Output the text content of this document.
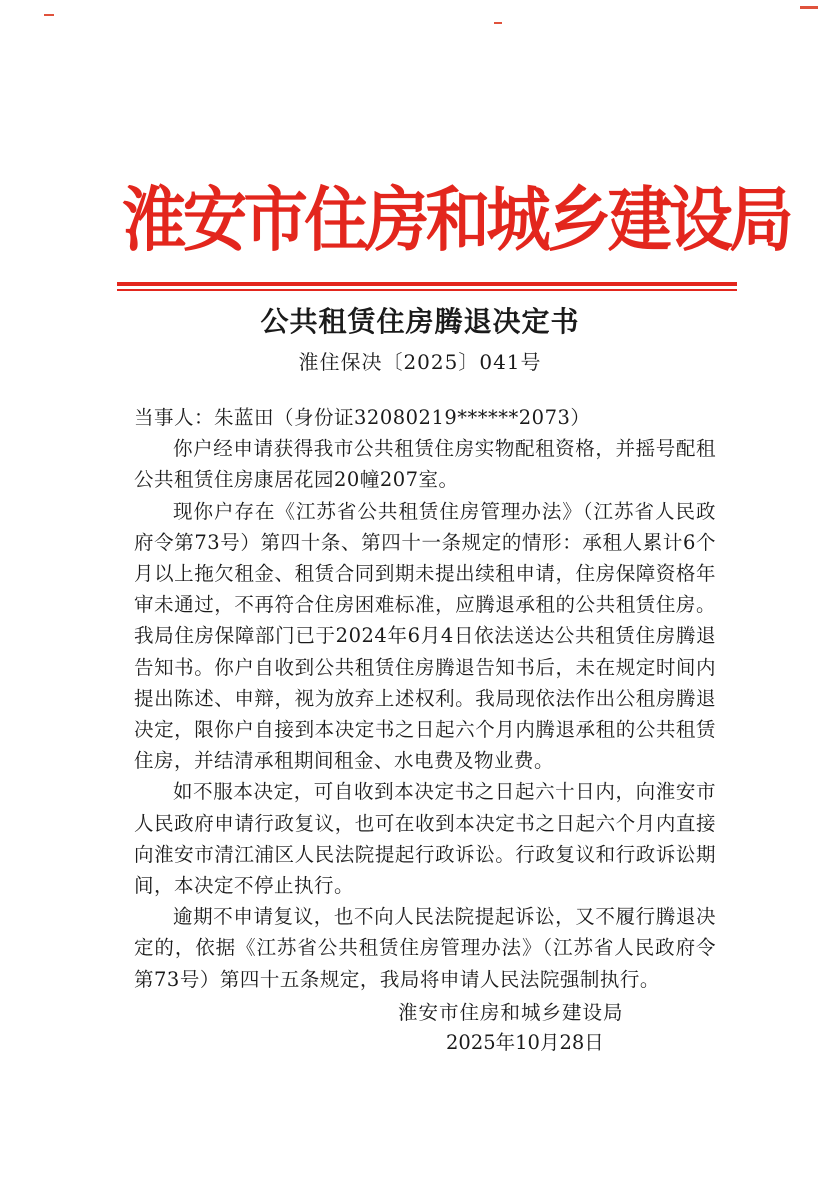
淮安市住房和城乡建设局
公共租赁住房腾退决定书
淮住保决〔2025〕041号

当事人：朱蓝田（身份证32080219******2073）

你户经申请获得我市公共租赁住房实物配租资格，并摇号配租公共租赁住房康居花园20幢207室。

现你户存在《江苏省公共租赁住房管理办法》（江苏省人民政府令第73号）第四十条、第四十一条规定的情形：承租人累计6个月以上拖欠租金、租赁合同到期未提出续租申请，住房保障资格年审未通过，不再符合住房困难标准，应腾退承租的公共租赁住房。我局住房保障部门已于2024年6月4日依法送达公共租赁住房腾退告知书。你户自收到公共租赁住房腾退告知书后，未在规定时间内提出陈述、申辩，视为放弃上述权利。我局现依法作出公租房腾退决定，限你户自接到本决定书之日起六个月内腾退承租的公共租赁住房，并结清承租期间租金、水电费及物业费。

如不服本决定，可自收到本决定书之日起六十日内，向淮安市人民政府申请行政复议，也可在收到本决定书之日起六个月内直接向淮安市清江浦区人民法院提起行政诉讼。行政复议和行政诉讼期间，本决定不停止执行。

逾期不申请复议，也不向人民法院提起诉讼，又不履行腾退决定的，依据《江苏省公共租赁住房管理办法》（江苏省人民政府令第73号）第四十五条规定，我局将申请人民法院强制执行。

淮安市住房和城乡建设局
2025年10月28日
